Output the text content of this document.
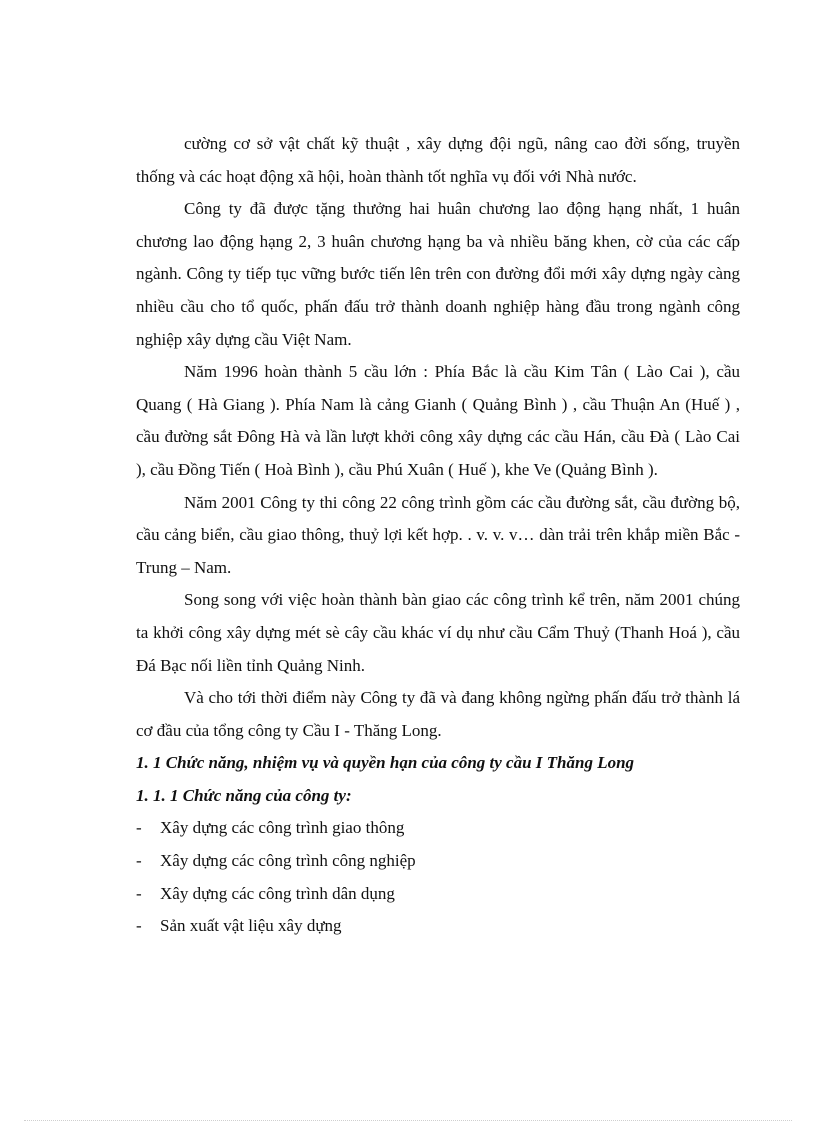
cường cơ sở vật chất kỹ thuật , xây dựng đội ngũ, nâng cao đời sống, truyền thống và các hoạt động xã hội, hoàn thành tốt nghĩa vụ đối với Nhà nước.

Công ty đã được tặng thưởng hai huân chương lao động hạng nhất, 1 huân chương lao động hạng 2, 3 huân chương hạng ba và nhiều băng khen, cờ của các cấp ngành. Công ty tiếp tục vững bước tiến lên trên con đường đổi mới xây dựng ngày càng nhiều cầu cho tổ quốc, phấn đấu trở thành doanh nghiệp hàng đầu trong ngành công nghiệp xây dựng cầu Việt Nam.

Năm 1996 hoàn thành 5 cầu lớn : Phía Bắc là cầu Kim Tân ( Lào Cai ), cầu Quang ( Hà Giang ). Phía Nam là cảng Gianh ( Quảng Bình ) , cầu Thuận An (Huế ) , cầu đường sắt Đông Hà và lần lượt khởi công xây dựng các cầu Hán, cầu Đà ( Lào Cai ), cầu Đồng Tiến ( Hoà Bình ), cầu Phú Xuân ( Huế ), khe Ve (Quảng Bình ).

Năm 2001 Công ty thi công 22 công trình gồm các cầu đường sắt, cầu đường bộ, cầu cảng biển, cầu giao thông, thuỷ lợi kết hợp. . v. v. v… dàn trải trên khắp miền Bắc - Trung – Nam.

Song song với việc hoàn thành bàn giao các công trình kể trên, năm 2001 chúng ta khởi công xây dựng mét sè cây cầu khác ví dụ như cầu Cẩm Thuỷ (Thanh Hoá ), cầu Đá Bạc nối liền tỉnh Quảng Ninh.

Và cho tới thời điểm này Công ty đã và đang không ngừng phấn đấu trở thành lá cơ đầu của tổng công ty Cầu I - Thăng Long.

1. 1 Chức năng, nhiệm vụ và quyền hạn của công ty cầu I Thăng Long

1. 1. 1 Chức năng của công ty:

-	Xây dựng các công trình giao thông
-	Xây dựng các công trình công nghiệp
-	Xây dựng các công trình dân dụng
-	Sản xuất vật liệu xây dựng
